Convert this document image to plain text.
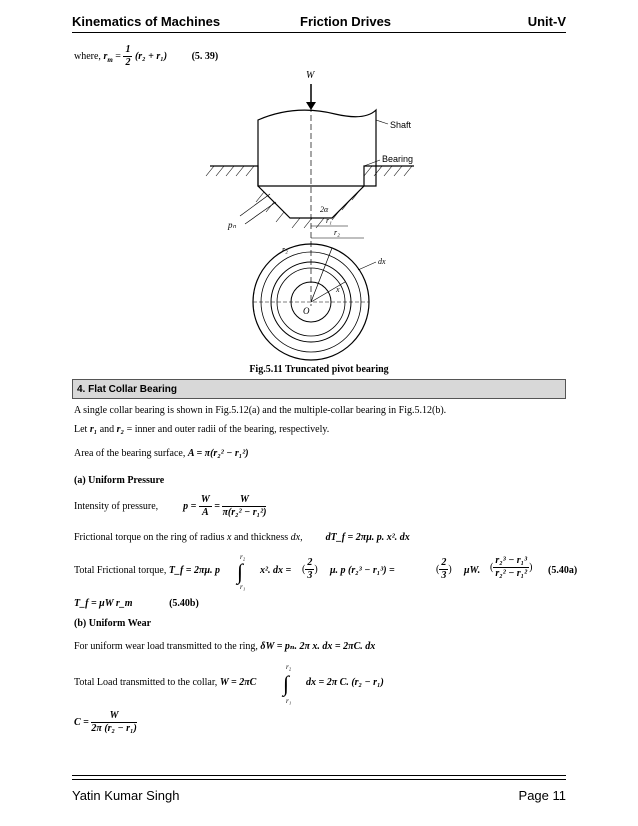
Kinematics of Machines	Friction Drives	Unit-V
where, $r_m = \frac{1}{2} (r_2 + r_1)$ (5. 39)
W
Shaft
Bearing
pₙ
2α
r₁
r₂
O
x
r₂
dx
Fig.5.11 Truncated pivot bearing
4. Flat Collar Bearing
A single collar bearing is shown in Fig.5.12(a) and the multiple-collar bearing in Fig.5.12(b).
Let r₁ and r₂ = inner and outer radii of the bearing, respectively.
Area of the bearing surface, A = π(r₂² − r₁²)
(a) Uniform Pressure
Intensity of pressure,	$p = \frac{W}{A} = \frac{W}{\text{π(r₂² − r₁²)}}$
Frictional torque on the ring of radius x and thickness dx, dT_f = 2πμ. p. x². dx
Total Frictional torque, T_f = 2πμ. p
r₂
∫
r₁
x². dx = ( $\frac{2}{3}$ ) μ. p (r₂³ − r₁³) =	( $\frac{2}{3}$ ) μW. ( $\frac{\text{r₂³ − r₁³}}{\text{r₂² − r₁²}}$ ) (5.40a)
T_f = μW r_m	(5.40b)
(b) Uniform Wear
For uniform wear load transmitted to the ring, δW = pₙ. 2π x. dx = 2πC. dx
Total Load transmitted to the collar, W = 2πC
r₂
∫
r₁
dx = 2π C. (r₂ − r₁)
$C = \frac{W}{\text{2π (r₂ − r₁)}}$
Yatin Kumar Singh	Page 11
